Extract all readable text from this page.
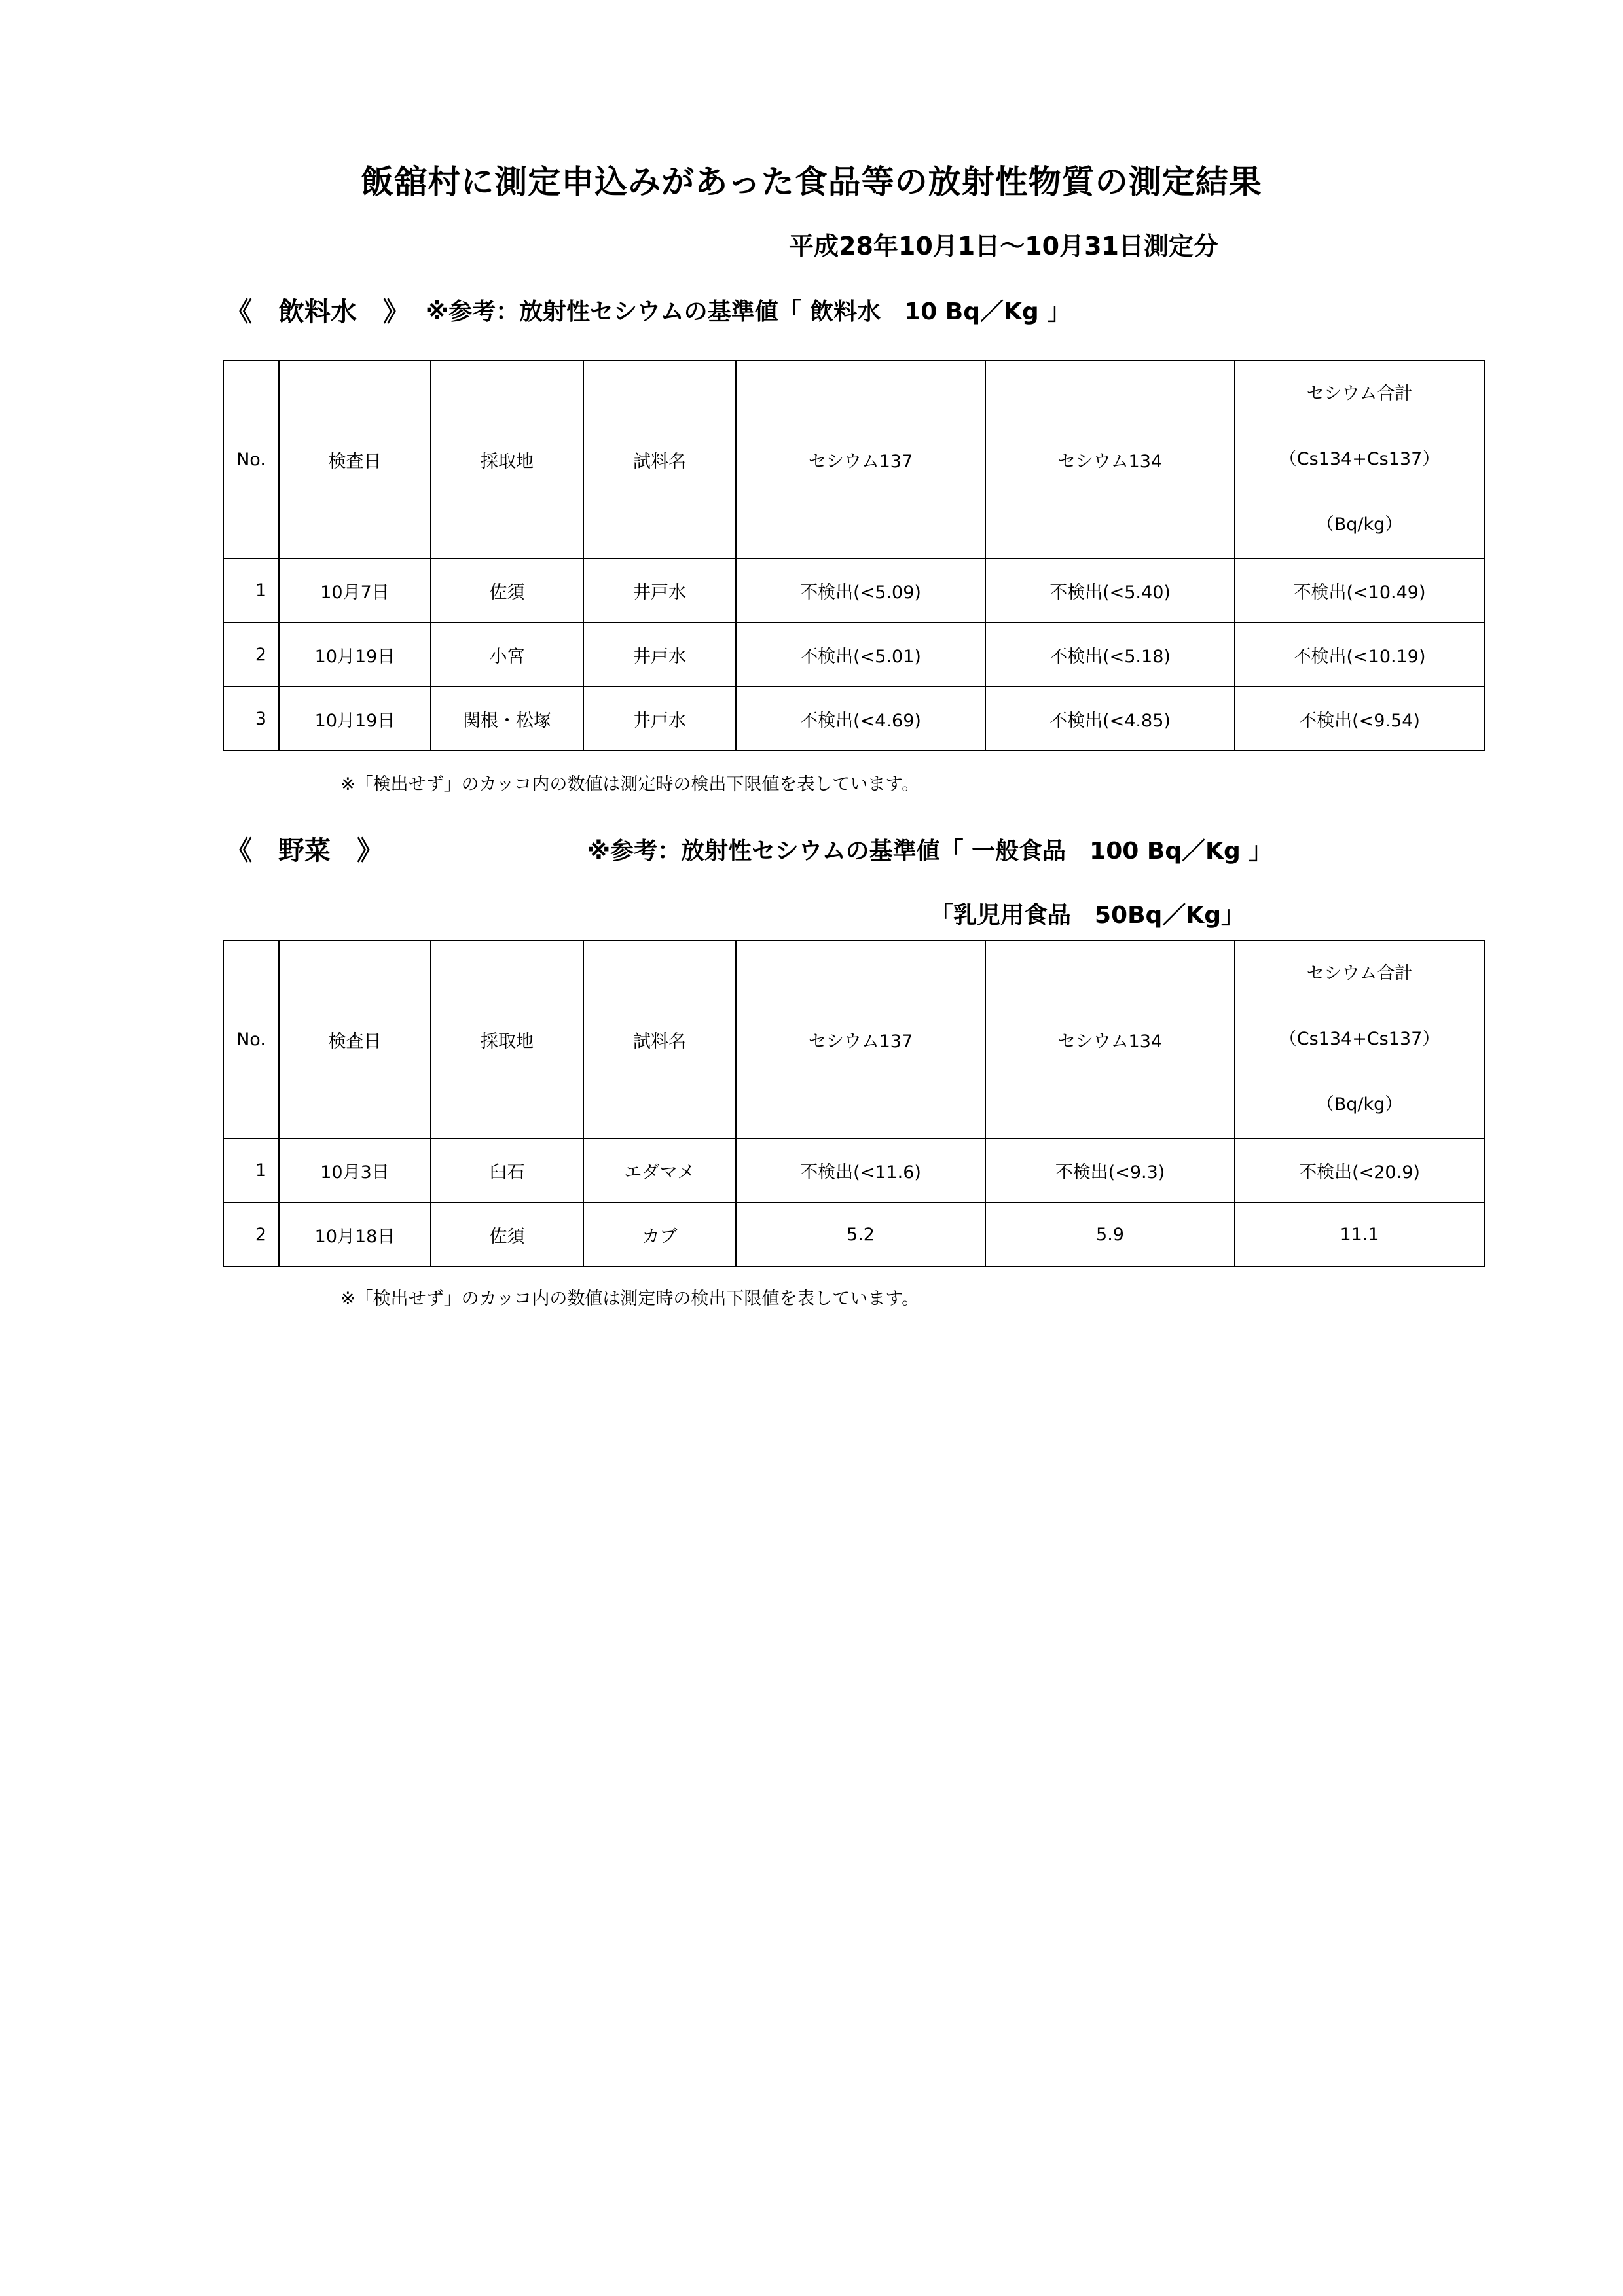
飯舘村に測定申込みがあった食品等の放射性物質の測定結果
平成28年10月1日～10月31日測定分
《　飲料水　》 ※参考：放射性セシウムの基準値「 飲料水　10 Bq／Kg 」
No.	検査日	採取地	試料名	セシウム137	セシウム134	セシウム合計
（Cs134+Cs137）
（Bq/kg）

1	10月7日	佐須	井戸水	不検出(<5.09)	不検出(<5.40)	不検出(<10.49)
2	10月19日	小宮	井戸水	不検出(<5.01)	不検出(<5.18)	不検出(<10.19)
3	10月19日	関根・松塚	井戸水	不検出(<4.69)	不検出(<4.85)	不検出(<9.54)
※「検出せず」のカッコ内の数値は測定時の検出下限値を表しています。
《　野菜　》	※参考：放射性セシウムの基準値「 一般食品　100 Bq／Kg 」
「乳児用食品　50Bq／Kg」
No.	検査日	採取地	試料名	セシウム137	セシウム134	セシウム合計
（Cs134+Cs137）
（Bq/kg）

1	10月3日	臼石	エダマメ	不検出(<11.6)	不検出(<9.3)	不検出(<20.9)
2	10月18日	佐須	カブ	5.2	5.9	11.1
※「検出せず」のカッコ内の数値は測定時の検出下限値を表しています。
